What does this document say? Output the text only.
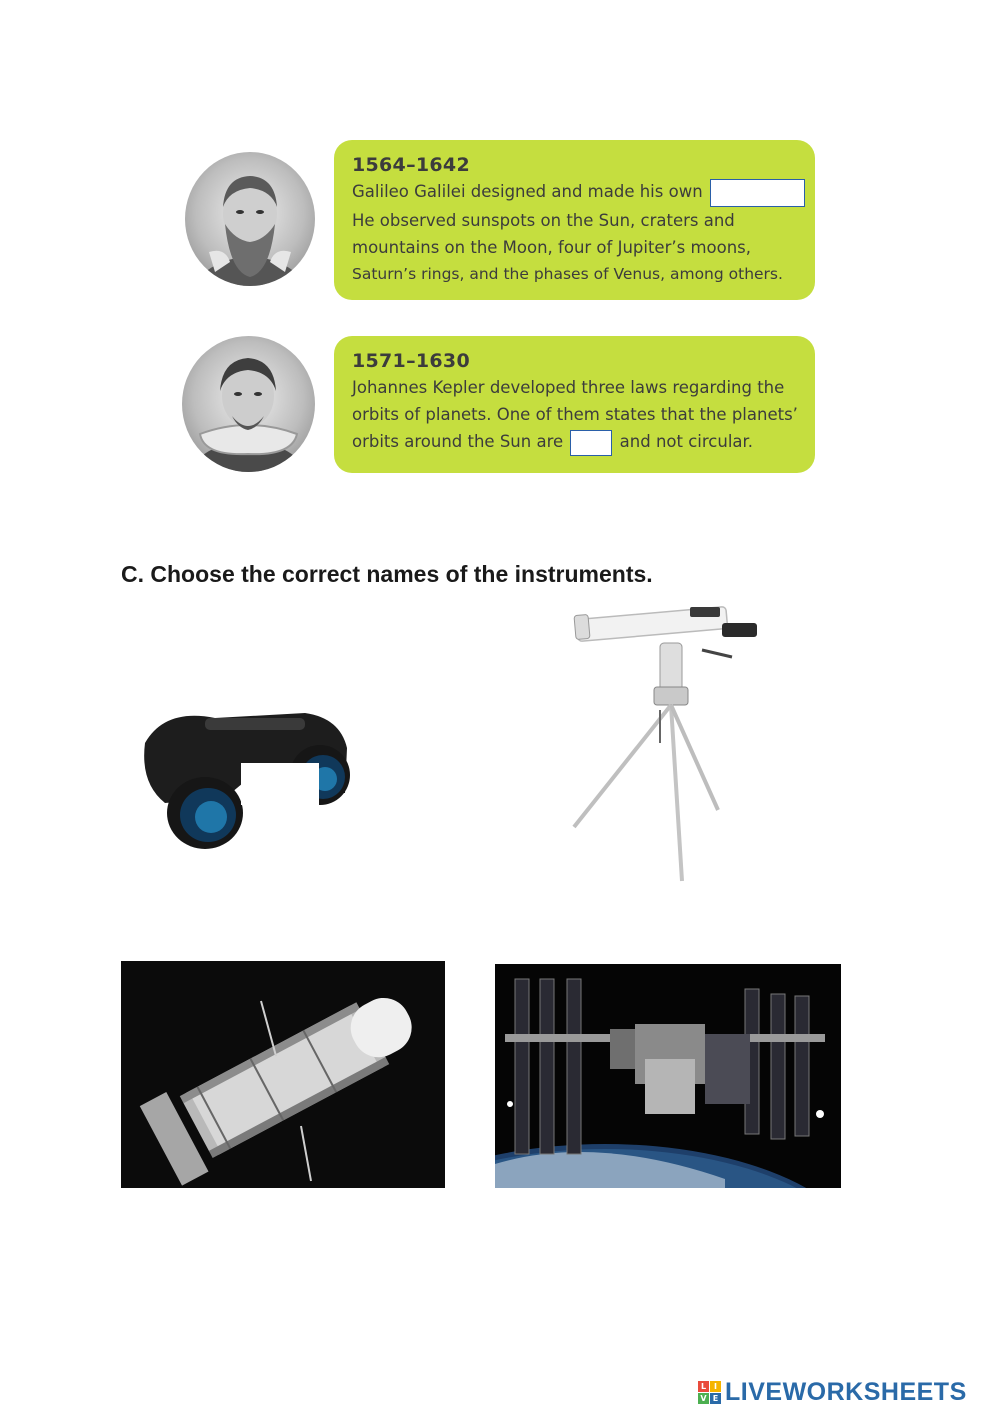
1564–1642
Galileo Galilei designed and made his own
He observed sunspots on the Sun, craters and
mountains on the Moon, four of Jupiter’s moons,
Saturn’s rings, and the phases of Venus, among others.
1571–1630
Johannes Kepler developed three laws regarding the
orbits of planets. One of them states that the planets’
orbits around the Sun are	and not circular.
C. Choose the correct names of the instruments.
L I
V E LIVEWORKSHEETS
